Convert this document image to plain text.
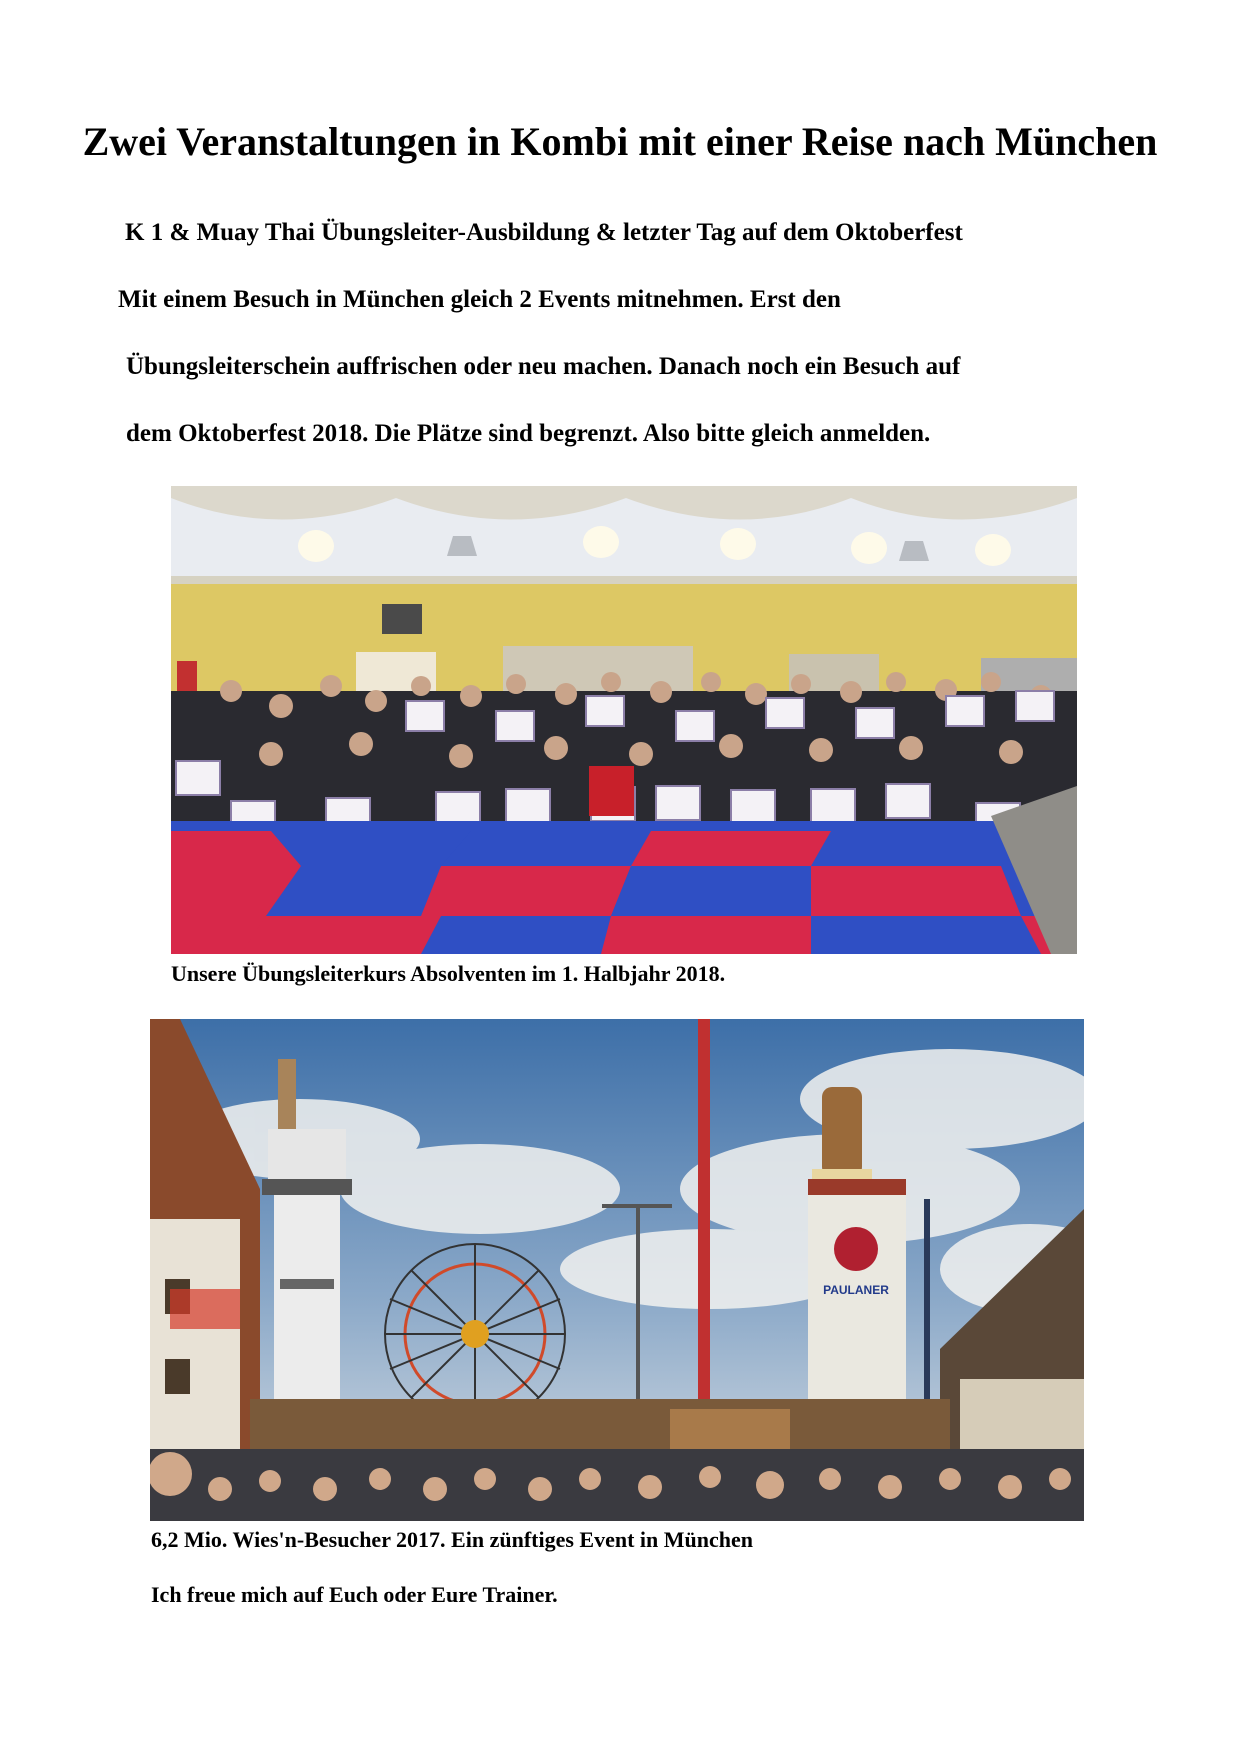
Zwei Veranstaltungen in Kombi mit einer Reise nach München

K 1 & Muay Thai Übungsleiter-Ausbildung & letzter Tag auf dem Oktoberfest

Mit einem Besuch in München gleich 2 Events mitnehmen. Erst den

Übungsleiterschein auffrischen oder neu machen. Danach noch ein Besuch auf

dem Oktoberfest 2018. Die Plätze sind begrenzt. Also bitte gleich anmelden.

Unsere Übungsleiterkurs Absolventen im 1. Halbjahr 2018.

PAULANER

6,2 Mio. Wies'n-Besucher 2017. Ein zünftiges Event in München

Ich freue mich auf Euch oder Eure Trainer.
